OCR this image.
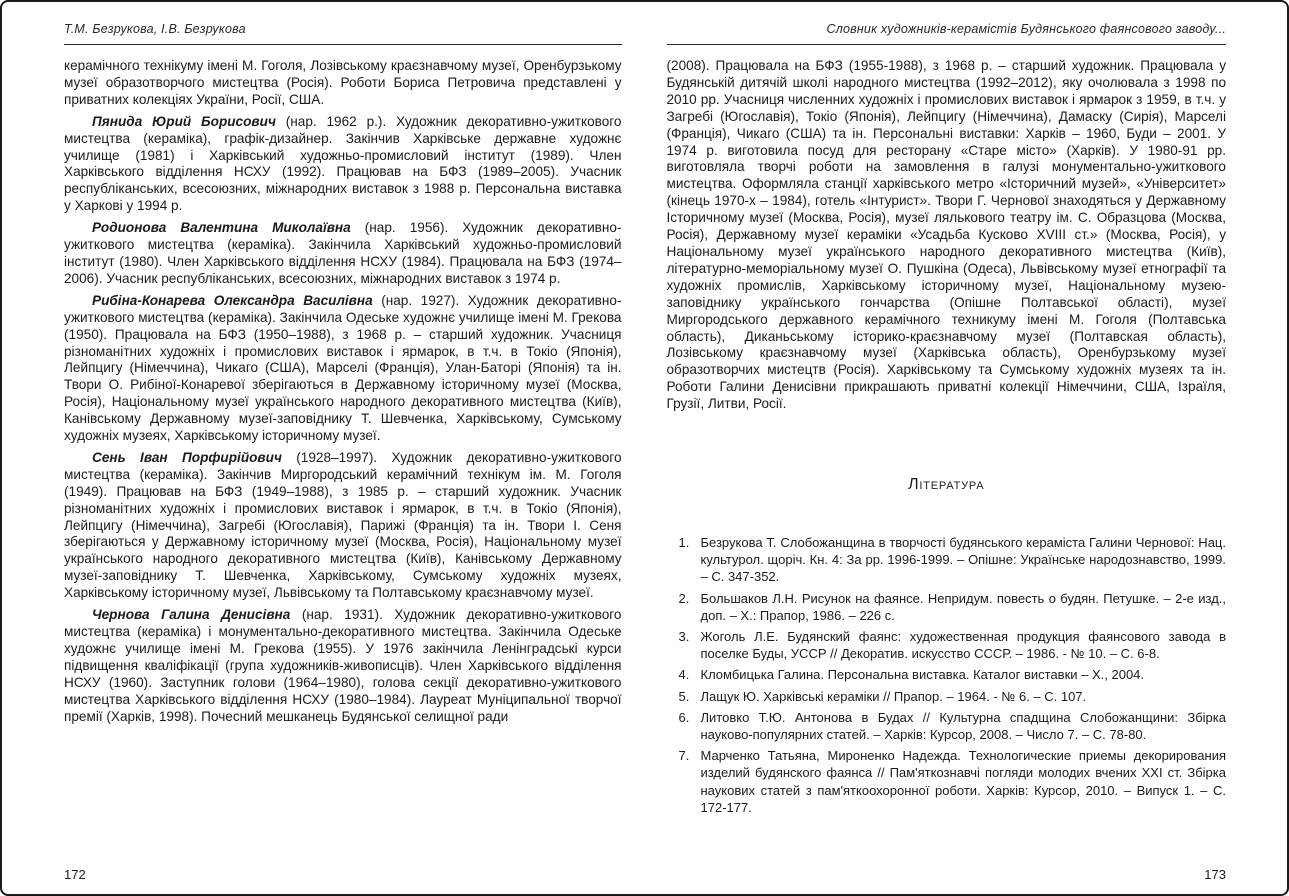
Т.М. Безрукова, І.В. Безрукова

керамічного технікуму імені М. Гоголя, Лозівському краєзнавчому музеї, Оренбурзькому музеї образотворчого мистецтва (Росія). Роботи Бориса Петровича представлені у приватних колекціях України, Росії, США.

Пянида Юрий Борисович (нар. 1962 р.). Художник декоративно-ужиткового мистецтва (кераміка), графік-дизайнер. Закінчив Харківське державне художнє училище (1981) і Харківський художньо-промисловий інститут (1989). Член Харківського відділення НСХУ (1992). Працював на БФЗ (1989–2005). Учасник республіканських, всесоюзних, міжнародних виставок з 1988 р. Персональна виставка у Харкові у 1994 р.

Родионова Валентина Миколаївна (нар. 1956). Художник декоративно-ужиткового мистецтва (кераміка). Закінчила Харківський художньо-промисловий інститут (1980). Член Харківського відділення НСХУ (1984). Працювала на БФЗ (1974–2006). Учасник республіканських, всесоюзних, міжнародних виставок з 1974 р.

Рибіна-Конарева Олександра Василівна (нар. 1927). Художник декоративно-ужиткового мистецтва (кераміка). Закінчила Одеське художнє училище імені М. Грекова (1950). Працювала на БФЗ (1950–1988), з 1968 р. – старший художник. Учасниця різноманітних художніх і промислових виставок і ярмарок, в т.ч. в Токіо (Японія), Лейпцигу (Німеччина), Чикаго (США), Марселі (Франція), Улан-Баторі (Японія) та ін. Твори О. Рибіної-Конаревої зберігаються в Державному історичному музеї (Москва, Росія), Національному музеї українського народного декоративного мистецтва (Київ), Канівському Державному музеї-заповіднику Т. Шевченка, Харківському, Сумському художніх музеях, Харківському історичному музеї.

Сень Іван Порфирійович (1928–1997). Художник декоративно-ужиткового мистецтва (кераміка). Закінчив Миргородський керамічний технікум ім. М. Гоголя (1949). Працював на БФЗ (1949–1988), з 1985 р. – старший художник. Учасник різноманітних художніх і промислових виставок і ярмарок, в т.ч. в Токіо (Японія), Лейпцигу (Німеччина), Загребі (Югославія), Парижі (Франція) та ін. Твори І. Сеня зберігаються у Державному історичному музеї (Москва, Росія), Національному музеї українського народного декоративного мистецтва (Київ), Канівському Державному музеї-заповіднику Т. Шевченка, Харківському, Сумському художніх музеях, Харківському історичному музеї, Львівському та Полтавському краєзнавчому музеї.

Чернова Галина Денисівна (нар. 1931). Художник декоративно-ужиткового мистецтва (кераміка) і монументально-декоративного мистецтва. Закінчила Одеське художнє училище імені М. Грекова (1955). У 1976 закінчила Ленінградські курси підвищення кваліфікації (група художників-живописців). Член Харківського відділення НСХУ (1960). Заступник голови (1964–1980), голова секції декоративно-ужиткового мистецтва Харківського відділення НСХУ (1980–1984). Лауреат Муніципальної творчої премії (Харків, 1998). Почесний мешканець Будянської селищної ради

172
Словник художників-керамістів Будянського фаянсового заводу...

(2008). Працювала на БФЗ (1955-1988), з 1968 р. – старший художник. Працювала у Будянській дитячій школі народного мистецтва (1992–2012), яку очолювала з 1998 по 2010 рр. Учасниця численних художніх і промислових виставок і ярмарок з 1959, в т.ч. у Загребі (Югославія), Токіо (Японія), Лейпцигу (Німеччина), Дамаску (Сирія), Марселі (Франція), Чикаго (США) та ін. Персональні виставки: Харків – 1960, Буди – 2001. У 1974 р. виготовила посуд для ресторану «Старе місто» (Харків). У 1980-91 рр. виготовляла творчі роботи на замовлення в галузі монументально-ужиткового мистецтва. Оформляла станції харківського метро «Історичний музей», «Університет» (кінець 1970-х – 1984), готель «Інтурист». Твори Г. Чернової знаходяться у Державному Історичному музеї (Москва, Росія), музеї лялькового театру ім. С. Образцова (Москва, Росія), Державному музеї кераміки «Усадьба Кусково XVIII ст.» (Москва, Росія), у Національному музеї українського народного декоративного мистецтва (Київ), літературно-меморіальному музеї О. Пушкіна (Одеса), Львівському музеї етнографії та художніх промислів, Харківському історичному музеї, Національному музею-заповіднику українського гончарства (Опішне Полтавської області), музеї Миргородського державного керамічного техникуму імені М. Гоголя (Полтавська область), Диканьському історико-краєзнавчому музеї (Полтавская область), Лозівському краєзнавчому музеї (Харківська область), Оренбурзькому музеї образотворчих мистецтв (Росія). Харківському та Сумському художніх музеях та ін. Роботи Галини Денисівни прикрашають приватні колекції Німеччини, США, Ізраїля, Грузії, Литви, Росії.

Література
1. Безрукова Т. Слобожанщина в творчості будянського кераміста Галини Чернової: Нац. культурол. щоріч. Кн. 4: За рр. 1996-1999. – Опішне: Українське народознавство, 1999. – С. 347-352.
2. Большаков Л.Н. Рисунок на фаянсе. Непридум. повесть о будян. Петушке. – 2-е изд., доп. – Х.: Прапор, 1986. – 226 с.
3. Жоголь Л.Е. Будянский фаянс: художественная продукция фаянсового завода в поселке Буды, УССР // Декоратив. искусство СССР. – 1986. - № 10. – С. 6-8.
4. Кломбицька Галина. Персональна виставка. Каталог виставки – Х., 2004.
5. Лащук Ю. Харківські кераміки // Прапор. – 1964. - № 6. – С. 107.
6. Литовко Т.Ю. Антонова в Будах // Культурна спадщина Слобожанщини: Збірка науково-популярних статей. – Харків: Курсор, 2008. – Число 7. – С. 78-80.
7. Марченко Татьяна, Мироненко Надежда. Технологические приемы декорирования изделий будянского фаянса // Пам'яткознавчі погляди молодих вчених XXI ст. Збірка наукових статей з пам'яткоохоронної роботи. Харків: Курсор, 2010. – Випуск 1. – С. 172-177.
173
